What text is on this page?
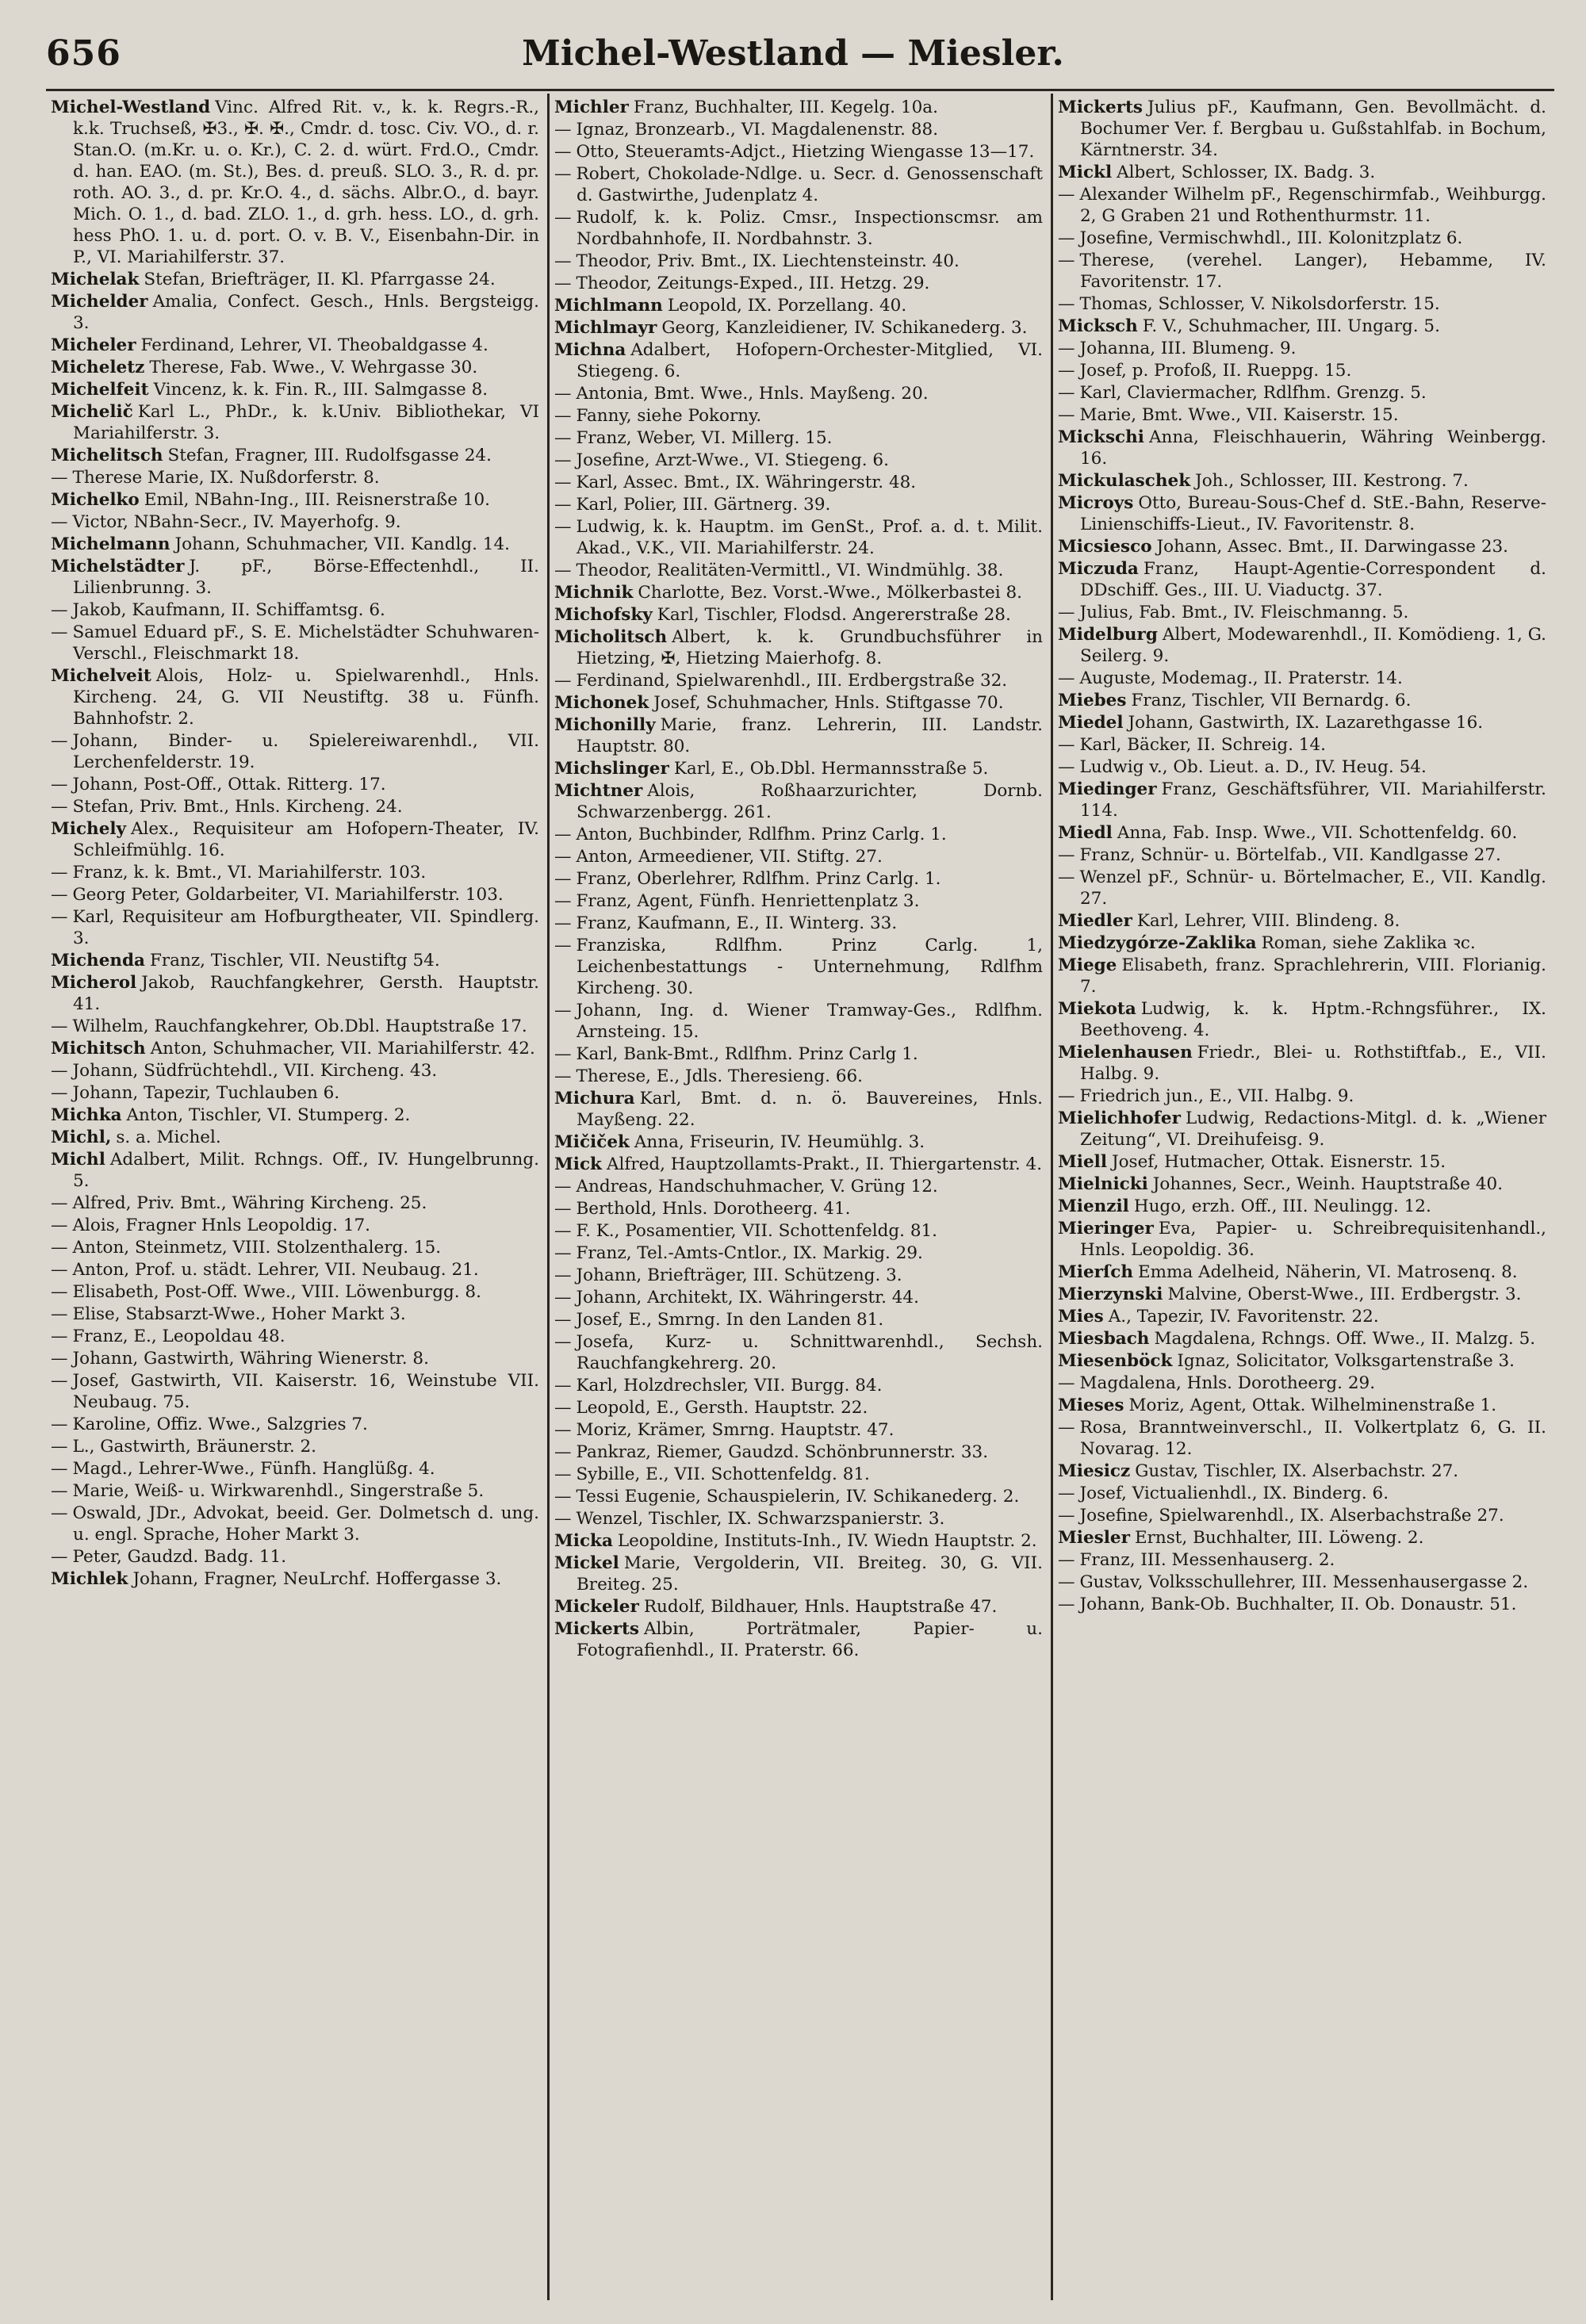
656	Michel-Westland — Miesler.

Michel-Westland Vinc. Alfred Rit. v., k. k. Regrs.-R., k.k. Truchseß, ✠3., ✠. ✠., Cmdr. d. tosc. Civ. VO., d. r. Stan.O. (m.Kr. u. o. Kr.), C. 2. d. würt. Frd.O., Cmdr. d. han. EAO. (m. St.), Bes. d. preuß. SLO. 3., R. d. pr. roth. AO. 3., d. pr. Kr.O. 4., d. sächs. Albr.O., d. bayr. Mich. O. 1., d. bad. ZLO. 1., d. grh. hess. LO., d. grh. hess PhO. 1. u. d. port. O. v. B. V., Eisenbahn-Dir. in P., VI. Mariahilferstr. 37.

Michelak Stefan, Briefträger, II. Kl. Pfarrgasse 24.

Michelder Amalia, Confect. Gesch., Hnls. Bergsteigg. 3.

Micheler Ferdinand, Lehrer, VI. Theobaldgasse 4.

Micheletz Therese, Fab. Wwe., V. Wehrgasse 30.

Michelfeit Vincenz, k. k. Fin. R., III. Salmgasse 8.

Michelič Karl L., PhDr., k. k.Univ. Bibliothekar, VI Mariahilferstr. 3.

Michelitsch Stefan, Fragner, III. Rudolfsgasse 24.

— Therese Marie, IX. Nußdorferstr. 8.

Michelko Emil, NBahn-Ing., III. Reisnerstraße 10.

— Victor, NBahn-Secr., IV. Mayerhofg. 9.

Michelmann Johann, Schuhmacher, VII. Kandlg. 14.

Michelstädter J. pF., Börse-Effectenhdl., II. Lilienbrunng. 3.

— Jakob, Kaufmann, II. Schiffamtsg. 6.

— Samuel Eduard pF., S. E. Michelstädter Schuhwaren-Verschl., Fleischmarkt 18.

Michelveit Alois, Holz- u. Spielwarenhdl., Hnls. Kircheng. 24, G. VII Neustiftg. 38 u. Fünfh. Bahnhofstr. 2.

— Johann, Binder- u. Spielereiwarenhdl., VII. Lerchenfelderstr. 19.

— Johann, Post-Off., Ottak. Ritterg. 17.

— Stefan, Priv. Bmt., Hnls. Kircheng. 24.

Michely Alex., Requisiteur am Hofopern-Theater, IV. Schleifmühlg. 16.

— Franz, k. k. Bmt., VI. Mariahilferstr. 103.

— Georg Peter, Goldarbeiter, VI. Mariahilferstr. 103.

— Karl, Requisiteur am Hofburgtheater, VII. Spindlerg. 3.

Michenda Franz, Tischler, VII. Neustiftg 54.

Micherol Jakob, Rauchfangkehrer, Gersth. Hauptstr. 41.

— Wilhelm, Rauchfangkehrer, Ob.Dbl. Hauptstraße 17.

Michitsch Anton, Schuhmacher, VII. Mariahilferstr. 42.

— Johann, Südfrüchtehdl., VII. Kircheng. 43.

— Johann, Tapezir, Tuchlauben 6.

Michka Anton, Tischler, VI. Stumperg. 2.

Michl, s. a. Michel.

Michl Adalbert, Milit. Rchngs. Off., IV. Hungelbrunng. 5.

— Alfred, Priv. Bmt., Währing Kircheng. 25.

— Alois, Fragner Hnls Leopoldig. 17.

— Anton, Steinmetz, VIII. Stolzenthalerg. 15.

— Anton, Prof. u. städt. Lehrer, VII. Neubaug. 21.

— Elisabeth, Post-Off. Wwe., VIII. Löwenburgg. 8.

— Elise, Stabsarzt-Wwe., Hoher Markt 3.

— Franz, E., Leopoldau 48.

— Johann, Gastwirth, Währing Wienerstr. 8.

— Josef, Gastwirth, VII. Kaiserstr. 16, Weinstube VII. Neubaug. 75.

— Karoline, Offiz. Wwe., Salzgries 7.

— L., Gastwirth, Bräunerstr. 2.

— Magd., Lehrer-Wwe., Fünfh. Hanglüßg. 4.

— Marie, Weiß- u. Wirkwarenhdl., Singerstraße 5.

— Oswald, JDr., Advokat, beeid. Ger. Dolmetsch d. ung. u. engl. Sprache, Hoher Markt 3.

— Peter, Gaudzd. Badg. 11.

Michlek Johann, Fragner, NeuLrchf. Hoffergasse 3.

Michler Franz, Buchhalter, III. Kegelg. 10a.

— Ignaz, Bronzearb., VI. Magdalenenstr. 88.

— Otto, Steueramts-Adjct., Hietzing Wiengasse 13—17.

— Robert, Chokolade-Ndlge. u. Secr. d. Genossenschaft d. Gastwirthe, Judenplatz 4.

— Rudolf, k. k. Poliz. Cmsr., Inspectionscmsr. am Nordbahnhofe, II. Nordbahnstr. 3.

— Theodor, Priv. Bmt., IX. Liechtensteinstr. 40.

— Theodor, Zeitungs-Exped., III. Hetzg. 29.

Michlmann Leopold, IX. Porzellang. 40.

Michlmayr Georg, Kanzleidiener, IV. Schikanederg. 3.

Michna Adalbert, Hofopern-Orchester-Mitglied, VI. Stiegeng. 6.

— Antonia, Bmt. Wwe., Hnls. Mayßeng. 20.

— Fanny, siehe Pokorny.

— Franz, Weber, VI. Millerg. 15.

— Josefine, Arzt-Wwe., VI. Stiegeng. 6.

— Karl, Assec. Bmt., IX. Währingerstr. 48.

— Karl, Polier, III. Gärtnerg. 39.

— Ludwig, k. k. Hauptm. im GenSt., Prof. a. d. t. Milit. Akad., V.K., VII. Mariahilferstr. 24.

— Theodor, Realitäten-Vermittl., VI. Windmühlg. 38.

Michnik Charlotte, Bez. Vorst.-Wwe., Mölkerbastei 8.

Michofsky Karl, Tischler, Flodsd. Angererstraße 28.

Micholitsch Albert, k. k. Grundbuchsführer in Hietzing, ✠, Hietzing Maierhofg. 8.

— Ferdinand, Spielwarenhdl., III. Erdbergstraße 32.

Michonek Josef, Schuhmacher, Hnls. Stiftgasse 70.

Michonilly Marie, franz. Lehrerin, III. Landstr. Hauptstr. 80.

Michslinger Karl, E., Ob.Dbl. Hermannsstraße 5.

Michtner Alois, Roßhaarzurichter, Dornb. Schwarzenbergg. 261.

— Anton, Buchbinder, Rdlfhm. Prinz Carlg. 1.

— Anton, Armeediener, VII. Stiftg. 27.

— Franz, Oberlehrer, Rdlfhm. Prinz Carlg. 1.

— Franz, Agent, Fünfh. Henriettenplatz 3.

— Franz, Kaufmann, E., II. Winterg. 33.

— Franziska, Rdlfhm. Prinz Carlg. 1, Leichenbestattungs - Unternehmung, Rdlfhm Kircheng. 30.

— Johann, Ing. d. Wiener Tramway-Ges., Rdlfhm. Arnsteing. 15.

— Karl, Bank-Bmt., Rdlfhm. Prinz Carlg 1.

— Therese, E., Jdls. Theresieng. 66.

Michura Karl, Bmt. d. n. ö. Bauvereines, Hnls. Mayßeng. 22.

Mičiček Anna, Friseurin, IV. Heumühlg. 3.

Mick Alfred, Hauptzollamts-Prakt., II. Thiergartenstr. 4.

— Andreas, Handschuhmacher, V. Grüng 12.

— Berthold, Hnls. Dorotheerg. 41.

— F. K., Posamentier, VII. Schottenfeldg. 81.

— Franz, Tel.-Amts-Cntlor., IX. Markig. 29.

— Johann, Briefträger, III. Schützeng. 3.

— Johann, Architekt, IX. Währingerstr. 44.

— Josef, E., Smrng. In den Landen 81.

— Josefa, Kurz- u. Schnittwarenhdl., Sechsh. Rauchfangkehrerg. 20.

— Karl, Holzdrechsler, VII. Burgg. 84.

— Leopold, E., Gersth. Hauptstr. 22.

— Moriz, Krämer, Smrng. Hauptstr. 47.

— Pankraz, Riemer, Gaudzd. Schönbrunnerstr. 33.

— Sybille, E., VII. Schottenfeldg. 81.

— Tessi Eugenie, Schauspielerin, IV. Schikanederg. 2.

— Wenzel, Tischler, IX. Schwarzspanierstr. 3.

Micka Leopoldine, Instituts-Inh., IV. Wiedn Hauptstr. 2.

Mickel Marie, Vergolderin, VII. Breiteg. 30, G. VII. Breiteg. 25.

Mickeler Rudolf, Bildhauer, Hnls. Hauptstraße 47.

Mickerts Albin, Porträtmaler, Papier- u. Fotografienhdl., II. Praterstr. 66.

Mickerts Julius pF., Kaufmann, Gen. Bevollmächt. d. Bochumer Ver. f. Bergbau u. Gußstahlfab. in Bochum, Kärntnerstr. 34.

Mickl Albert, Schlosser, IX. Badg. 3.

— Alexander Wilhelm pF., Regenschirmfab., Weihburgg. 2, G Graben 21 und Rothenthurmstr. 11.

— Josefine, Vermischwhdl., III. Kolonitzplatz 6.

— Therese, (verehel. Langer), Hebamme, IV. Favoritenstr. 17.

— Thomas, Schlosser, V. Nikolsdorferstr. 15.

Micksch F. V., Schuhmacher, III. Ungarg. 5.

— Johanna, III. Blumeng. 9.

— Josef, p. Profoß, II. Rueppg. 15.

— Karl, Claviermacher, Rdlfhm. Grenzg. 5.

— Marie, Bmt. Wwe., VII. Kaiserstr. 15.

Mickschi Anna, Fleischhauerin, Währing Weinbergg. 16.

Mickulaschek Joh., Schlosser, III. Kestrong. 7.

Micrоys Otto, Bureau-Sous-Chef d. StE.-Bahn, Reserve-Linienschiffs-Lieut., IV. Favoritenstr. 8.

Micsiesco Johann, Assec. Bmt., II. Darwingasse 23.

Miczuda Franz, Haupt-Agentie-Correspondent d. DDschiff. Ges., III. U. Viaductg. 37.

— Julius, Fab. Bmt., IV. Fleischmanng. 5.

Midelburg Albert, Modewarenhdl., II. Komödieng. 1, G. Seilerg. 9.

— Auguste, Modemag., II. Praterstr. 14.

Miebes Franz, Tischler, VII Bernardg. 6.

Miedel Johann, Gastwirth, IX. Lazarethgasse 16.

— Karl, Bäcker, II. Schreig. 14.

— Ludwig v., Ob. Lieut. a. D., IV. Heug. 54.

Miedinger Franz, Geschäftsführer, VII. Mariahilferstr. 114.

Miedl Anna, Fab. Insp. Wwe., VII. Schottenfeldg. 60.

— Franz, Schnür- u. Börtelfab., VII. Kandlgasse 27.

— Wenzel pF., Schnür- u. Börtelmacher, E., VII. Kandlg. 27.

Miedler Karl, Lehrer, VIII. Blindeng. 8.

Miedzygórze-Zaklika Roman, siehe Zaklika ꝛc.

Miege Elisabeth, franz. Sprachlehrerin, VIII. Florianig. 7.

Miekota Ludwig, k. k. Hptm.-Rchngsführer., IX. Beethoveng. 4.

Mielenhausen Friedr., Blei- u. Rothstiftfab., E., VII. Halbg. 9.

— Friedrich jun., E., VII. Halbg. 9.

Mielichhofer Ludwig, Redactions-Mitgl. d. k. „Wiener Zeitung“, VI. Dreihufeisg. 9.

Miell Josef, Hutmacher, Ottak. Eisnerstr. 15.

Mielnicki Johannes, Secr., Weinh. Hauptstraße 40.

Mienzil Hugo, erzh. Off., III. Neulingg. 12.

Mieringer Eva, Papier- u. Schreibrequisitenhandl., Hnls. Leopoldig. 36.

Mierſch Emma Adelheid, Näherin, VI. Matrosenq. 8.

Mierzynski Malvine, Oberst-Wwe., III. Erdbergstr. 3.

Mies A., Tapezir, IV. Favoritenstr. 22.

Miesbach Magdalena, Rchngs. Off. Wwe., II. Malzg. 5.

Miesenböck Ignaz, Solicitator, Volksgartenstraße 3.

— Magdalena, Hnls. Dorotheerg. 29.

Mieses Moriz, Agent, Ottak. Wilhelminenstraße 1.

— Rosa, Branntweinverschl., II. Volkertplatz 6, G. II. Novarag. 12.

Miesicz Gustav, Tischler, IX. Alserbachstr. 27.

— Josef, Victualienhdl., IX. Binderg. 6.

— Josefine, Spielwarenhdl., IX. Alserbachstraße 27.

Miesler Ernst, Buchhalter, III. Löweng. 2.

— Franz, III. Messenhauserg. 2.

— Gustav, Volksschullehrer, III. Messenhausergasse 2.

— Johann, Bank-Ob. Buchhalter, II. Ob. Donaustr. 51.
